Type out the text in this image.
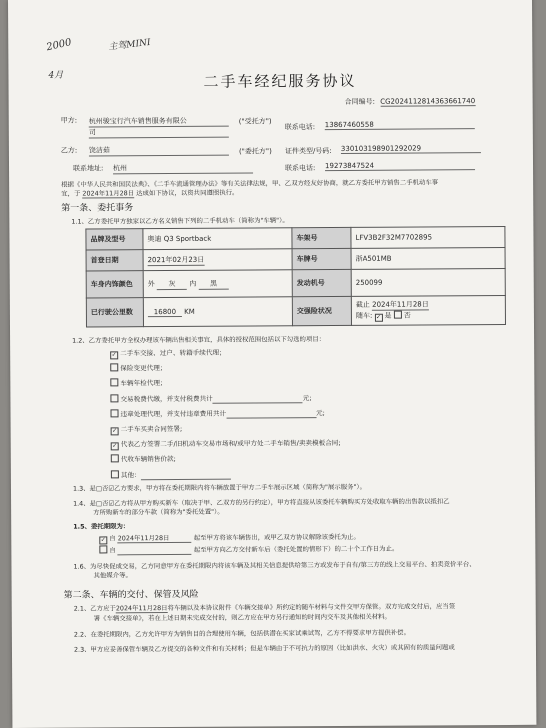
2000	主驾MINI
4月	二手车经纪服务协议
合同编号: CG2024112814363661740
甲方: 杭州骏宝行汽车销售服务有限公
司
("受托方")
联系电话: 13867460558
乙方: 饶洁茹	("委托方") 证件类型/号码: 330103198901292029
联系地址: 杭州	联系电话: 19273847524
根据《中华人民共和国民法典》、《二手车流通管理办法》等有关法律法规，甲、乙双方经友好协商，就乙方委托甲方销售二手机动车事
宜，于 2024年11月28日 达成如下协议，以资共同遵照执行。
第一条、委托事务
1.1、乙方委托甲方独家以乙方名义销售下列的二手机动车（简称为"车辆"）。
品牌及型号	奥迪 Q3 Sportback	车架号	LFV3B2F32M7702895
首登日期	2021年02月23日	车牌号	浙A501MB
车身内饰颜色	外 灰 内 黑	发动机号	250099
已行驶公里数	16800 KM	交强险状况	截止 2024年11月28日
随车: ✓ 是 否
1.2、乙方委托甲方全权办理该车辆出售相关事宜，具体的授权范围包括以下勾选的项目：
✓ 二手车交接、过户、转籍手续代理；
保险变更代理；
车辆年检代理；
交易税费代缴，并支付税费共计	元;
违章处理代理，并支付违章费用共计	元;
✓ 二手车买卖合同签署;
✓ 代表乙方签署二手/旧机动车交易市场和/或甲方处二手车销售/卖卖模板合同;
代收车辆销售价款;
其他：
1.3、是□否☑乙方要求，甲方将在委托期限内将车辆放置于甲方二手车展示区域（简称为"展示服务"）。
1.4、是□否☑乙方将从甲方购买新车（取决于甲、乙双方的另行约定），甲方将直接从该委托车辆购买方处收取车辆的出售款以抵扣乙
方所购新车的部分车款（简称为"委托处置"）。
1.5、委托期限为：
✓ 自 2024年11月28日	起至甲方将该车辆售出，或甲乙双方协议解除该委托为止。
自	起至甲方向乙方交付新车后（委托处置的情形下）的二十个工作日为止。
1.6、为尽快促成交易，乙方同意甲方在委托期限内将该车辆及其相关信息提供给第三方或发布于自有/第三方的线上交易平台、拍卖竞价平台、
其他媒介等。
第二条、车辆的交付、保管及风险
2.1、乙方应于2024年11月28日将车辆以及本协议附件《车辆交接单》所约定的随车材料与文件交甲方保管。双方完成交付后，应当签
署《车辆交接单》，若在上述日期未完成交付的，则乙方应在甲方另行通知的时间内交车及其他相关材料。
2.2、在委托期限内，乙方允许甲方为销售目的合理使用车辆，包括供潜在买家试乘试驾，乙方不得要求甲方提供补偿。
2.3、甲方应妥善保管车辆及乙方提交的各种文件和有关材料；但是车辆由于不可抗力的原因（比如洪水、火灾）或其固有的质量问题或
